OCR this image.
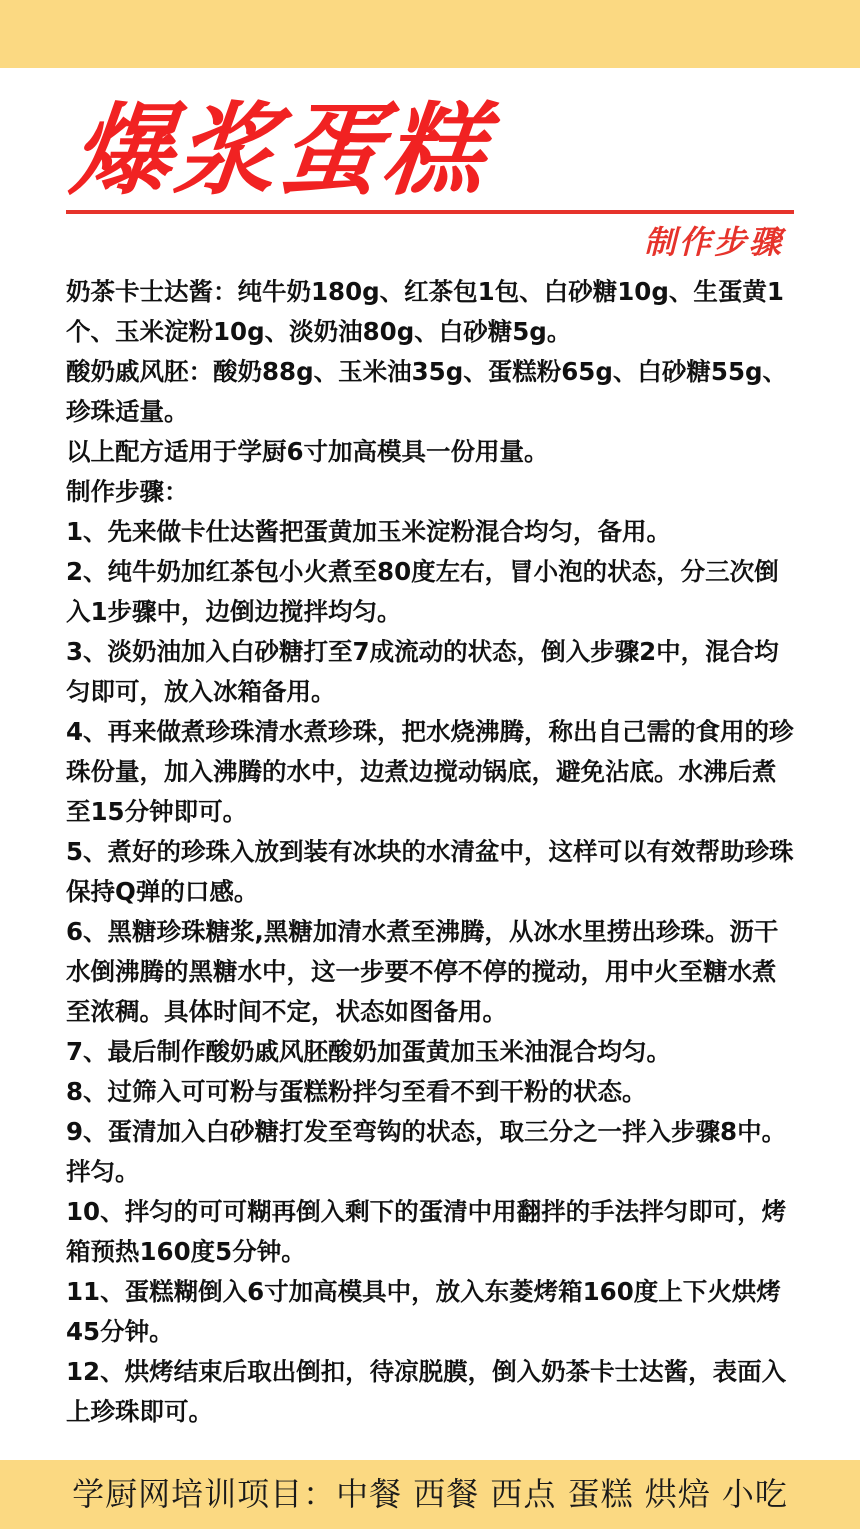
爆浆蛋糕
制作步骤

奶茶卡士达酱：纯牛奶180g、红茶包1包、白砂糖10g、生蛋黄1个、玉米淀粉10g、淡奶油80g、白砂糖5g。

酸奶戚风胚：酸奶88g、玉米油35g、蛋糕粉65g、白砂糖55g、珍珠适量。

以上配方适用于学厨6寸加高模具一份用量。

制作步骤：

1、先来做卡仕达酱把蛋黄加玉米淀粉混合均匀，备用。

2、纯牛奶加红茶包小火煮至80度左右，冒小泡的状态，分三次倒入1步骤中，边倒边搅拌均匀。

3、淡奶油加入白砂糖打至7成流动的状态，倒入步骤2中，混合均匀即可，放入冰箱备用。

4、再来做煮珍珠清水煮珍珠，把水烧沸腾，称出自己需的食用的珍珠份量，加入沸腾的水中，边煮边搅动锅底，避免沾底。水沸后煮至15分钟即可。

5、煮好的珍珠入放到装有冰块的水清盆中，这样可以有效帮助珍珠保持Q弹的口感。

6、黑糖珍珠糖浆,黑糖加清水煮至沸腾，从冰水里捞出珍珠。沥干水倒沸腾的黑糖水中，这一步要不停不停的搅动，用中火至糖水煮至浓稠。具体时间不定，状态如图备用。

7、最后制作酸奶戚风胚酸奶加蛋黄加玉米油混合均匀。

8、过筛入可可粉与蛋糕粉拌匀至看不到干粉的状态。

9、蛋清加入白砂糖打发至弯钩的状态，取三分之一拌入步骤8中。拌匀。

10、拌匀的可可糊再倒入剩下的蛋清中用翻拌的手法拌匀即可，烤箱预热160度5分钟。

11、蛋糕糊倒入6寸加高模具中，放入东菱烤箱160度上下火烘烤45分钟。

12、烘烤结束后取出倒扣，待凉脱膜，倒入奶茶卡士达酱，表面入上珍珠即可。

学厨网培训项目：中餐 西餐 西点 蛋糕 烘焙 小吃
